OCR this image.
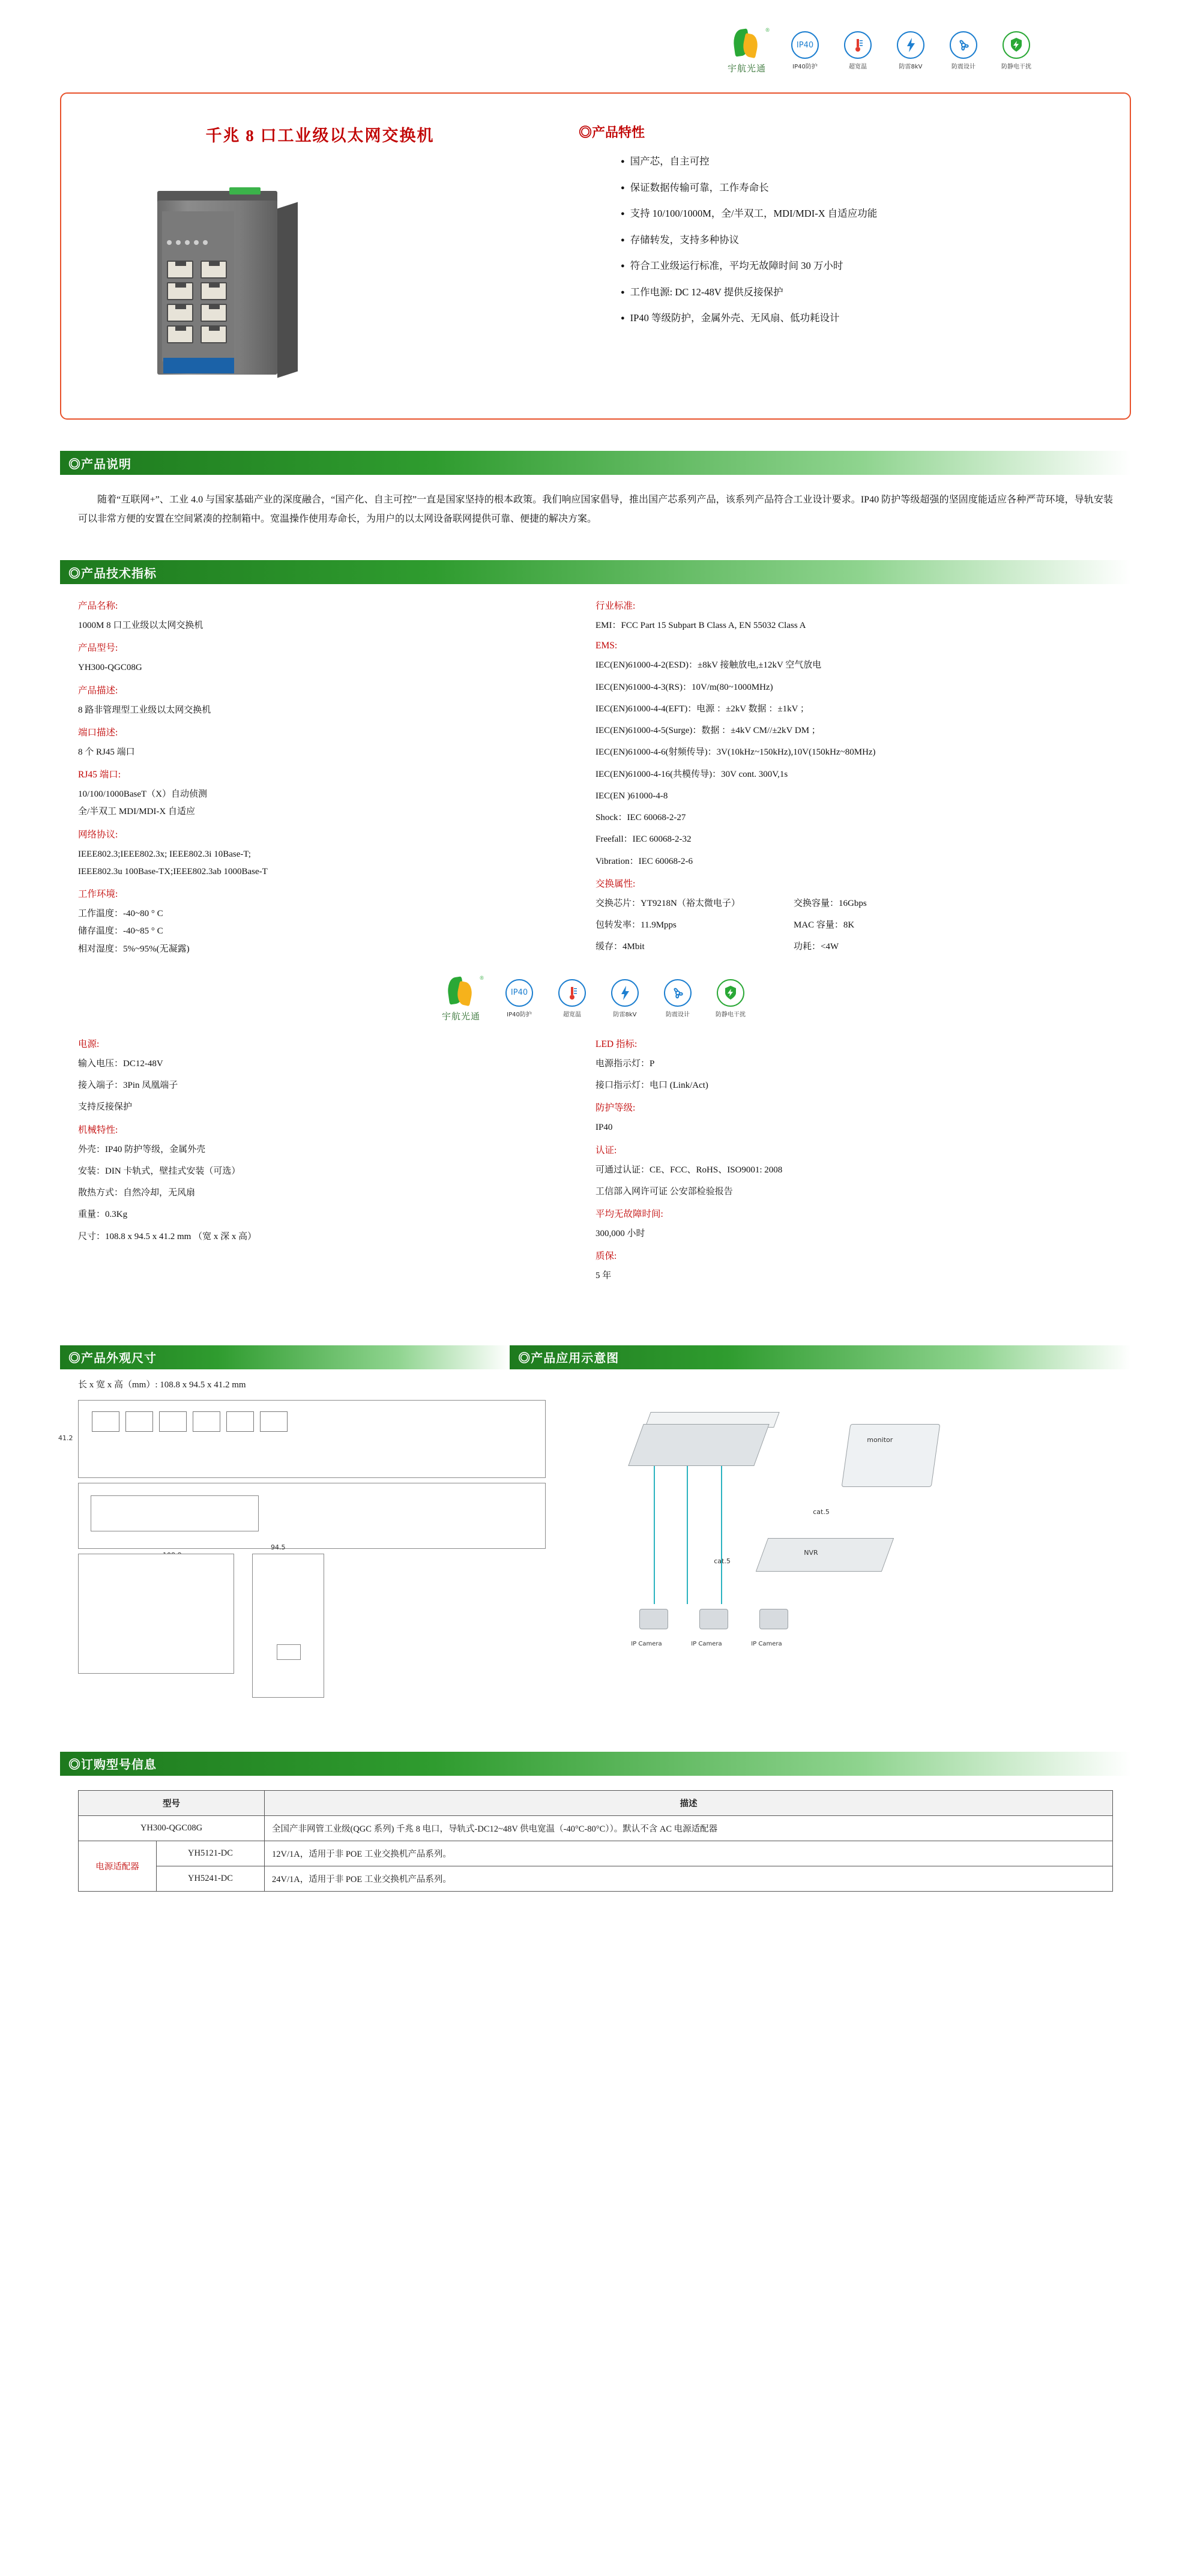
®
宇航光通
IP40
IP40防护	超宽温	防雷8kV	防震设计	防静电干扰
千兆 8 口工业级以太网交换机	◎产品特性
● 国产芯，自主可控
● 保证数据传输可靠，工作寿命长
● 支持 10/100/1000M，全/半双工，MDI/MDI-X 自适应功能
● 存储转发，支持多种协议
● 符合工业级运行标准，平均无故障时间 30 万小时
● 工作电源: DC 12-48V 提供反接保护
● IP40 等级防护，金属外壳、无风扇、低功耗设计
◎产品说明
随着“互联网+”、工业 4.0 与国家基础产业的深度融合，“国产化、自主可控”一直是国家坚持的根本政策。我们响应国家倡导，推出国产芯系列产品，该系列产品符合工业设计要求。IP40 防护等级超强的坚固度能适应各种严苛环境，导轨安装可以非常方便的安置在空间紧凑的控制箱中。宽温操作使用寿命长，为用户的以太网设备联网提供可靠、便捷的解决方案。
◎产品技术指标
产品名称:

1000M 8 口工业级以太网交换机

产品型号:

YH300-QGC08G

产品描述:

8 路非管理型工业级以太网交换机

端口描述:

8 个 RJ45 端口

RJ45 端口:

10/100/1000BaseT（X）自动侦测

全/半双工 MDI/MDI-X 自适应

网络协议:

IEEE802.3;IEEE802.3x; IEEE802.3i 10Base-T;

IEEE802.3u 100Base-TX;IEEE802.3ab 1000Base-T

工作环境:

工作温度：-40~80 ° C

储存温度：-40~85 ° C

相对湿度：5%~95%(无凝露)

行业标准:

EMI：FCC Part 15 Subpart B Class A, EN 55032 Class A

EMS:

IEC(EN)61000-4-2(ESD)：±8kV 接触放电,±12kV 空气放电

IEC(EN)61000-4-3(RS)：10V/m(80~1000MHz)

IEC(EN)61000-4-4(EFT)：电源 ：±2kV 数据 ：±1kV ；

IEC(EN)61000-4-5(Surge)：数据 ：±4kV CM//±2kV DM ；

IEC(EN)61000-4-6(射频传导)：3V(10kHz~150kHz),10V(150kHz~80MHz)

IEC(EN)61000-4-16(共模传导)：30V cont. 300V,1s

IEC(EN )61000-4-8

Shock：IEC 60068-2-27

Freefall：IEC 60068-2-32

Vibration：IEC 60068-2-6

交换属性:

交换芯片：YT9218N（裕太微电子）	交换容量：16Gbps

包转发率：11.9Mpps	MAC 容量：8K

缓存：4Mbit	功耗：<4W

®
宇航光通
IP40
IP40防护	超宽温	防雷8kV	防震设计	防静电干扰
电源:

输入电压：DC12-48V

接入端子：3Pin 凤凰端子

支持反接保护

机械特性:

外壳：IP40 防护等级，金属外壳

安装：DIN 卡轨式，壁挂式安装（可选）

散热方式：自然冷却，无风扇

重量：0.3Kg

尺寸：108.8 x 94.5 x 41.2 mm （宽 x 深 x 高）

LED 指标:

电源指示灯：P

接口指示灯：电口 (Link/Act)

防护等级:

IP40

认证:

可通过认证：CE、FCC、RoHS、ISO9001: 2008

工信部入网许可证 公安部检验报告

平均无故障时间:

300,000 小时

质保:

5 年

◎产品外观尺寸	◎产品应用示意图
长 x 宽 x 高（mm）: 108.8 x 94.5 x 41.2 mm
41.2
94.5
NVR
monitor
cat.5
cat.5
IP Camera	IP Camera	IP Camera
◎订购型号信息
型号		描述
YH300-QGC08G		全国产非网管工业级(QGC 系列) 千兆 8 电口，导轨式-DC12~48V 供电宽温（-40°C-80°C））。默认不含 AC 电源适配器
电源适配器	YH5121-DC	12V/1A，适用于非 POE 工业交换机产品系列。
	YH5241-DC	24V/1A，适用于非 POE 工业交换机产品系列。
